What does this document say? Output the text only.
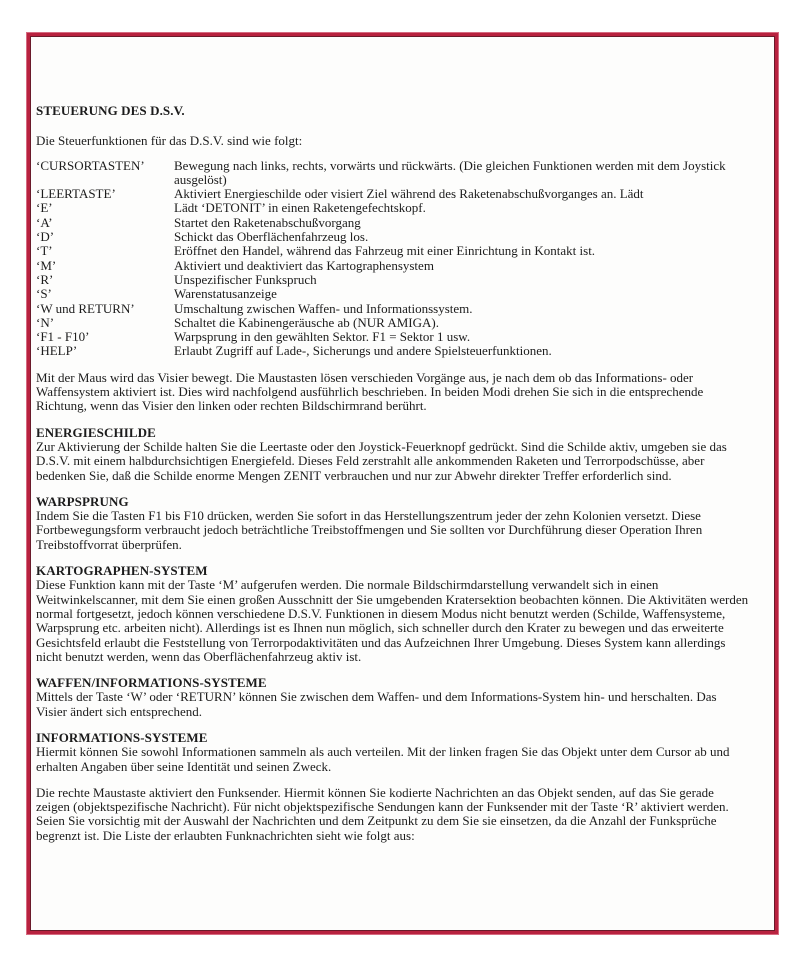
STEUERUNG DES D.S.V.

Die Steuerfunktionen für das D.S.V. sind wie folgt:

‘CURSORTASTEN’	Bewegung nach links, rechts, vorwärts und rückwärts. (Die gleichen Funktionen werden mit dem Joystick ausgelöst)
‘LEERTASTE’	Aktiviert Energieschilde oder visiert Ziel während des Raketenabschußvorganges an. Lädt
‘E’	Lädt ‘DETONIT’ in einen Raketengefechtskopf.
‘A’	Startet den Raketenabschußvorgang
‘D’	Schickt das Oberflächenfahrzeug los.
‘T’	Eröffnet den Handel, während das Fahrzeug mit einer Einrichtung in Kontakt ist.
‘M’	Aktiviert und deaktiviert das Kartographensystem
‘R’	Unspezifischer Funkspruch
‘S’	Warenstatusanzeige
‘W und RETURN’	Umschaltung zwischen Waffen- und Informationssystem.
‘N’	Schaltet die Kabinengeräusche ab (NUR AMIGA).
‘F1 - F10’	Warpsprung in den gewählten Sektor. F1 = Sektor 1 usw.
‘HELP’	Erlaubt Zugriff auf Lade-, Sicherungs und andere Spielsteuerfunktionen.

Mit der Maus wird das Visier bewegt. Die Maustasten lösen verschieden Vorgänge aus, je nach dem ob das Informations- oder Waffensystem aktiviert ist. Dies wird nachfolgend ausführlich beschrieben. In beiden Modi drehen Sie sich in die entsprechende Richtung, wenn das Visier den linken oder rechten Bildschirmrand berührt.

ENERGIESCHILDE

Zur Aktivierung der Schilde halten Sie die Leertaste oder den Joystick-Feuerknopf gedrückt. Sind die Schilde aktiv, umgeben sie das D.S.V. mit einem halbdurchsichtigen Energiefeld. Dieses Feld zerstrahlt alle ankommenden Raketen und Terrorpodschüsse, aber bedenken Sie, daß die Schilde enorme Mengen ZENIT verbrauchen und nur zur Abwehr direkter Treffer erforderlich sind.

WARPSPRUNG

Indem Sie die Tasten F1 bis F10 drücken, werden Sie sofort in das Herstellungszentrum jeder der zehn Kolonien versetzt. Diese Fortbewegungsform verbraucht jedoch beträchtliche Treibstoffmengen und Sie sollten vor Durchführung dieser Operation Ihren Treibstoffvorrat überprüfen.

KARTOGRAPHEN-SYSTEM

Diese Funktion kann mit der Taste ‘M’ aufgerufen werden. Die normale Bildschirmdarstellung verwandelt sich in einen Weitwinkelscanner, mit dem Sie einen großen Ausschnitt der Sie umgebenden Kratersektion beobachten können. Die Aktivitäten werden normal fortgesetzt, jedoch können verschiedene D.S.V. Funktionen in diesem Modus nicht benutzt werden (Schilde, Waffensysteme, Warpsprung etc. arbeiten nicht). Allerdings ist es Ihnen nun möglich, sich schneller durch den Krater zu bewegen und das erweiterte Gesichtsfeld erlaubt die Feststellung von Terrorpodaktivitäten und das Aufzeichnen Ihrer Umgebung. Dieses System kann allerdings nicht benutzt werden, wenn das Oberflächenfahrzeug aktiv ist.

WAFFEN/INFORMATIONS-SYSTEME

Mittels der Taste ‘W’ oder ‘RETURN’ können Sie zwischen dem Waffen- und dem Informations-System hin- und herschalten. Das Visier ändert sich entsprechend.

INFORMATIONS-SYSTEME

Hiermit können Sie sowohl Informationen sammeln als auch verteilen. Mit der linken fragen Sie das Objekt unter dem Cursor ab und erhalten Angaben über seine Identität und seinen Zweck.

Die rechte Maustaste aktiviert den Funksender. Hiermit können Sie kodierte Nachrichten an das Objekt senden, auf das Sie gerade zeigen (objektspezifische Nachricht). Für nicht objektspezifische Sendungen kann der Funksender mit der Taste ‘R’ aktiviert werden. Seien Sie vorsichtig mit der Auswahl der Nachrichten und dem Zeitpunkt zu dem Sie sie einsetzen, da die Anzahl der Funksprüche begrenzt ist. Die Liste der erlaubten Funknachrichten sieht wie folgt aus:
